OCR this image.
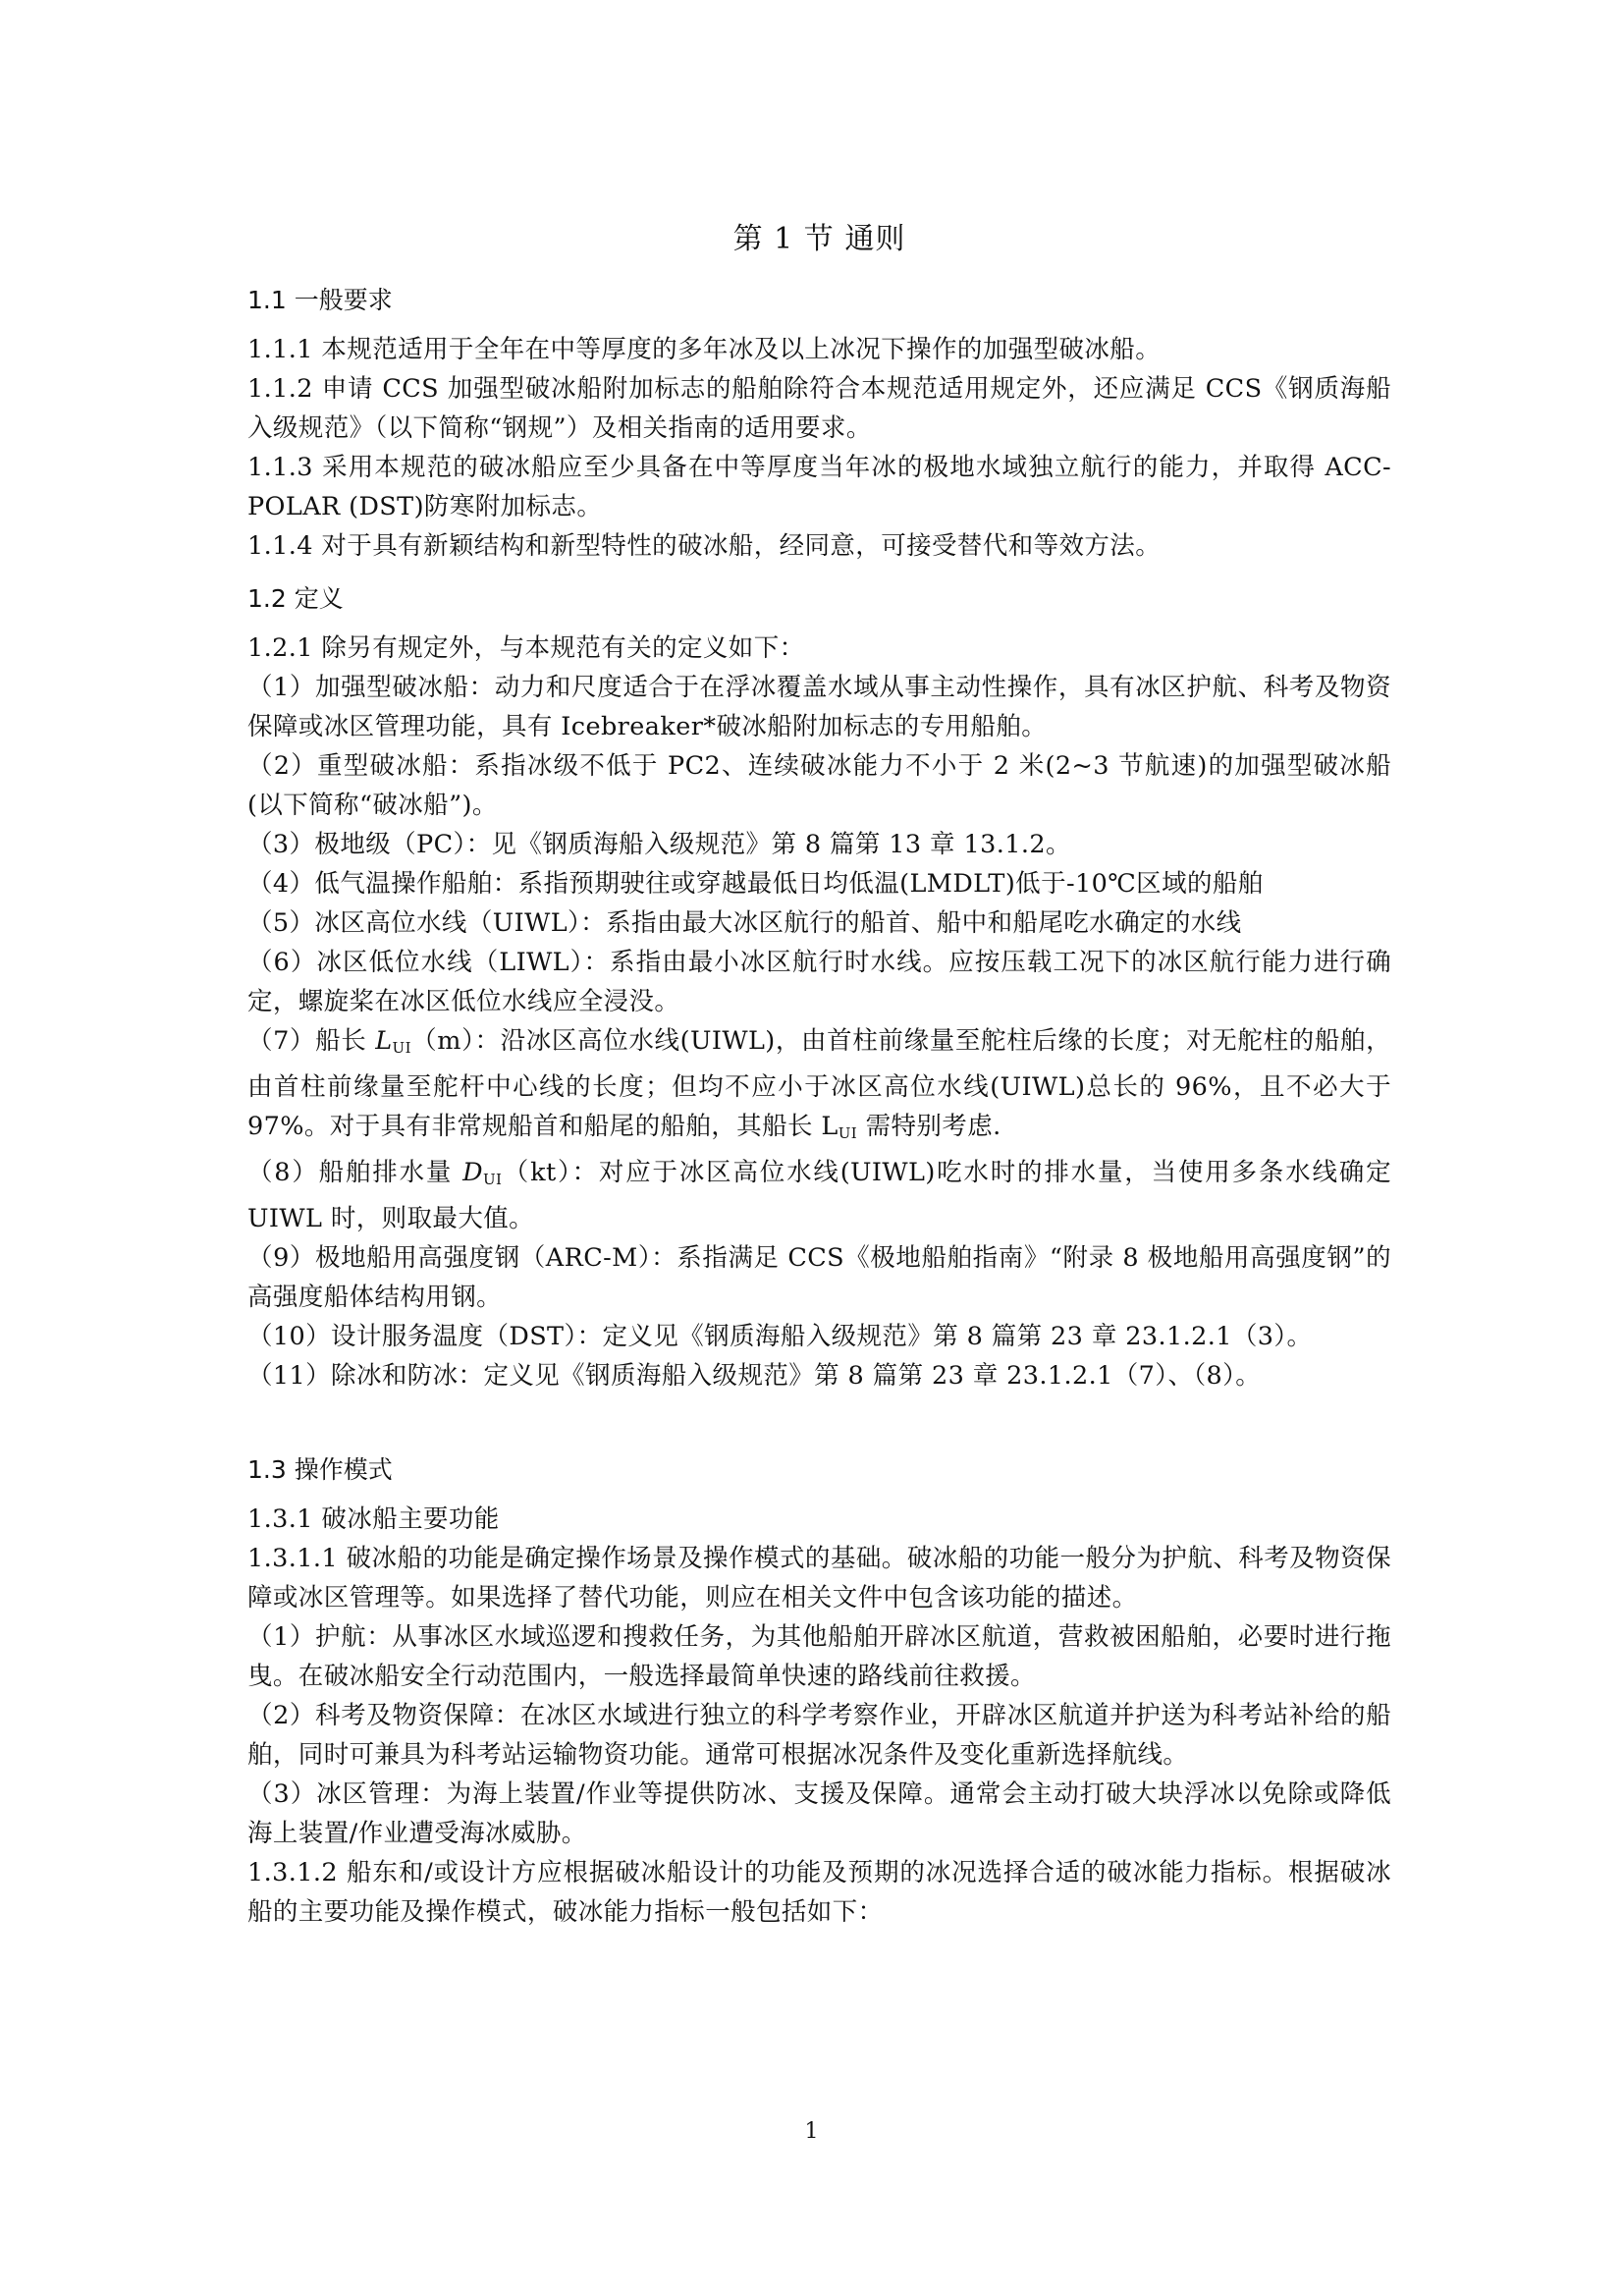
第 1 节 通则
1.1 一般要求

1.1.1 本规范适用于全年在中等厚度的多年冰及以上冰况下操作的加强型破冰船。

1.1.2 申请 CCS 加强型破冰船附加标志的船舶除符合本规范适用规定外，还应满足 CCS《钢质海船入级规范》（以下简称“钢规”）及相关指南的适用要求。

1.1.3 采用本规范的破冰船应至少具备在中等厚度当年冰的极地水域独立航行的能力，并取得 ACC-POLAR (DST)防寒附加标志。

1.1.4 对于具有新颖结构和新型特性的破冰船，经同意，可接受替代和等效方法。

1.2 定义

1.2.1 除另有规定外，与本规范有关的定义如下：

（1）加强型破冰船：动力和尺度适合于在浮冰覆盖水域从事主动性操作，具有冰区护航、科考及物资保障或冰区管理功能，具有 Icebreaker*破冰船附加标志的专用船舶。

（2）重型破冰船：系指冰级不低于 PC2、连续破冰能力不小于 2 米(2~3 节航速)的加强型破冰船(以下简称“破冰船”)。

（3）极地级（PC）：见《钢质海船入级规范》第 8 篇第 13 章 13.1.2。

（4）低气温操作船舶：系指预期驶往或穿越最低日均低温(LMDLT)低于-10℃区域的船舶

（5）冰区高位水线（UIWL）：系指由最大冰区航行的船首、船中和船尾吃水确定的水线

（6）冰区低位水线（LIWL）：系指由最小冰区航行时水线。应按压载工况下的冰区航行能力进行确定，螺旋桨在冰区低位水线应全浸没。

（7）船长 $L_{UI}(m)$：沿冰区高位水线(UIWL)，由首柱前缘量至舵柱后缘的长度；对无舵柱的船舶，由首柱前缘量至舵杆中心线的长度；但均不应小于冰区高位水线(UIWL)总长的 96%，且不必大于 97%。对于具有非常规船首和船尾的船舶，其船长 $L_{UI}$ 需特别考虑.

（8）船舶排水量 $D_{UI}(kt)$：对应于冰区高位水线(UIWL)吃水时的排水量，当使用多条水线确定 UIWL 时，则取最大值。

（9）极地船用高强度钢（ARC-M）：系指满足 CCS《极地船舶指南》“附录 8 极地船用高强度钢”的高强度船体结构用钢。

（10）设计服务温度（DST）：定义见《钢质海船入级规范》第 8 篇第 23 章 23.1.2.1（3）。

（11）除冰和防冰：定义见《钢质海船入级规范》第 8 篇第 23 章 23.1.2.1（7）、（8）。

1.3 操作模式

1.3.1 破冰船主要功能

1.3.1.1 破冰船的功能是确定操作场景及操作模式的基础。破冰船的功能一般分为护航、科考及物资保障或冰区管理等。如果选择了替代功能，则应在相关文件中包含该功能的描述。

（1）护航：从事冰区水域巡逻和搜救任务，为其他船舶开辟冰区航道，营救被困船舶，必要时进行拖曳。在破冰船安全行动范围内，一般选择最简单快速的路线前往救援。

（2）科考及物资保障：在冰区水域进行独立的科学考察作业，开辟冰区航道并护送为科考站补给的船舶，同时可兼具为科考站运输物资功能。通常可根据冰况条件及变化重新选择航线。

（3）冰区管理：为海上装置/作业等提供防冰、支援及保障。通常会主动打破大块浮冰以免除或降低海上装置/作业遭受海冰威胁。

1.3.1.2 船东和/或设计方应根据破冰船设计的功能及预期的冰况选择合适的破冰能力指标。根据破冰船的主要功能及操作模式，破冰能力指标一般包括如下：

1
